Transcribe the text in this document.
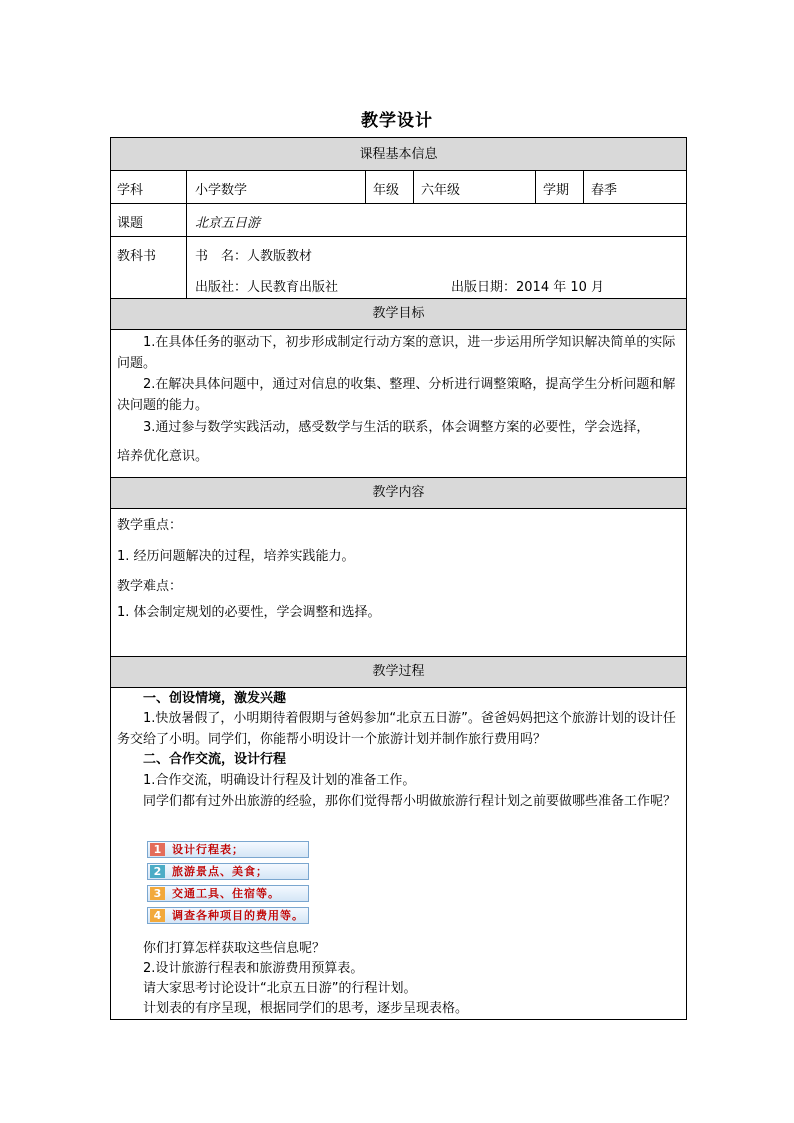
教学设计
课程基本信息
学科	小学数学	年级 六年级	学期 春季
课题	北京五日游
教科书	书　名：人教版教材
出版社：人民教育出版社	出版日期：2014 年 10 月
教学目标
1.在具体任务的驱动下，初步形成制定行动方案的意识，进一步运用所学知识解决简单的实际问题。
2.在解决具体问题中，通过对信息的收集、整理、分析进行调整策略，提高学生分析问题和解决问题的能力。
3.通过参与数学实践活动，感受数学与生活的联系，体会调整方案的必要性，学会选择，
培养优化意识。
教学内容
教学重点：
1. 经历问题解决的过程，培养实践能力。
教学难点：
1. 体会制定规划的必要性，学会调整和选择。
教学过程
一、创设情境，激发兴趣
1.快放暑假了，小明期待着假期与爸妈参加“北京五日游”。爸爸妈妈把这个旅游计划的设计任务交给了小明。同学们，你能帮小明设计一个旅游计划并制作旅行费用吗？
二、合作交流，设计行程
1.合作交流，明确设计行程及计划的准备工作。
同学们都有过外出旅游的经验，那你们觉得帮小明做旅游行程计划之前要做哪些准备工作呢？
1 设计行程表；
2 旅游景点、美食；
3 交通工具、住宿等。
4 调查各种项目的费用等。
你们打算怎样获取这些信息呢？
2.设计旅游行程表和旅游费用预算表。
请大家思考讨论设计“北京五日游”的行程计划。
计划表的有序呈现，根据同学们的思考，逐步呈现表格。
